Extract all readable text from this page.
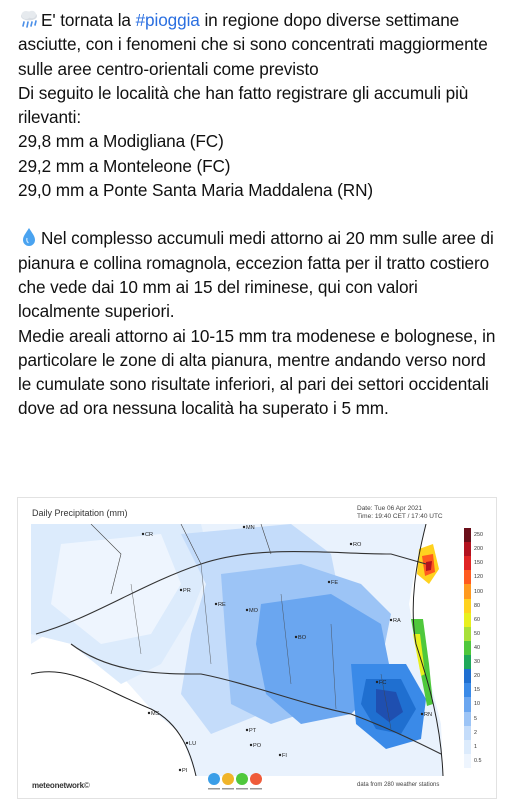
E' tornata la #pioggia in regione dopo diverse settimane asciutte, con i fenomeni che si sono concentrati maggiormente sulle aree centro-orientali come previsto

Di seguito le località che han fatto registrare gli accumuli più rilevanti:

29,8 mm a Modigliana (FC)

29,2 mm a Monteleone (FC)

29,0 mm a Ponte Santa Maria Maddalena (RN)

Nel complesso accumuli medi attorno ai 20 mm sulle aree di pianura e collina romagnola, eccezion fatta per il tratto costiero che vede dai 10 mm ai 15 del riminese, qui con valori localmente superiori.

Medie areali attorno ai 10-15 mm tra modenese e bolognese, in particolare le zone di alta pianura, mentre andando verso nord le cumulate sono risultate inferiori, al pari dei settori occidentali dove ad ora nessuna località ha superato i 5 mm.

Daily Precipitation (mm)	Date: Tue 06 Apr 2021
Time: 19:40 CET / 17:40 UTC
MN
CR
RO
FE
PR
RE
MO
BO
RA
FC
RN
MS
PT
LU	PO
FI
PI
250
200
150
120
100
80
60
50
40
30
20
15
10
5
2
1
0.5
meteonetwork©	data from 280 weather stations
